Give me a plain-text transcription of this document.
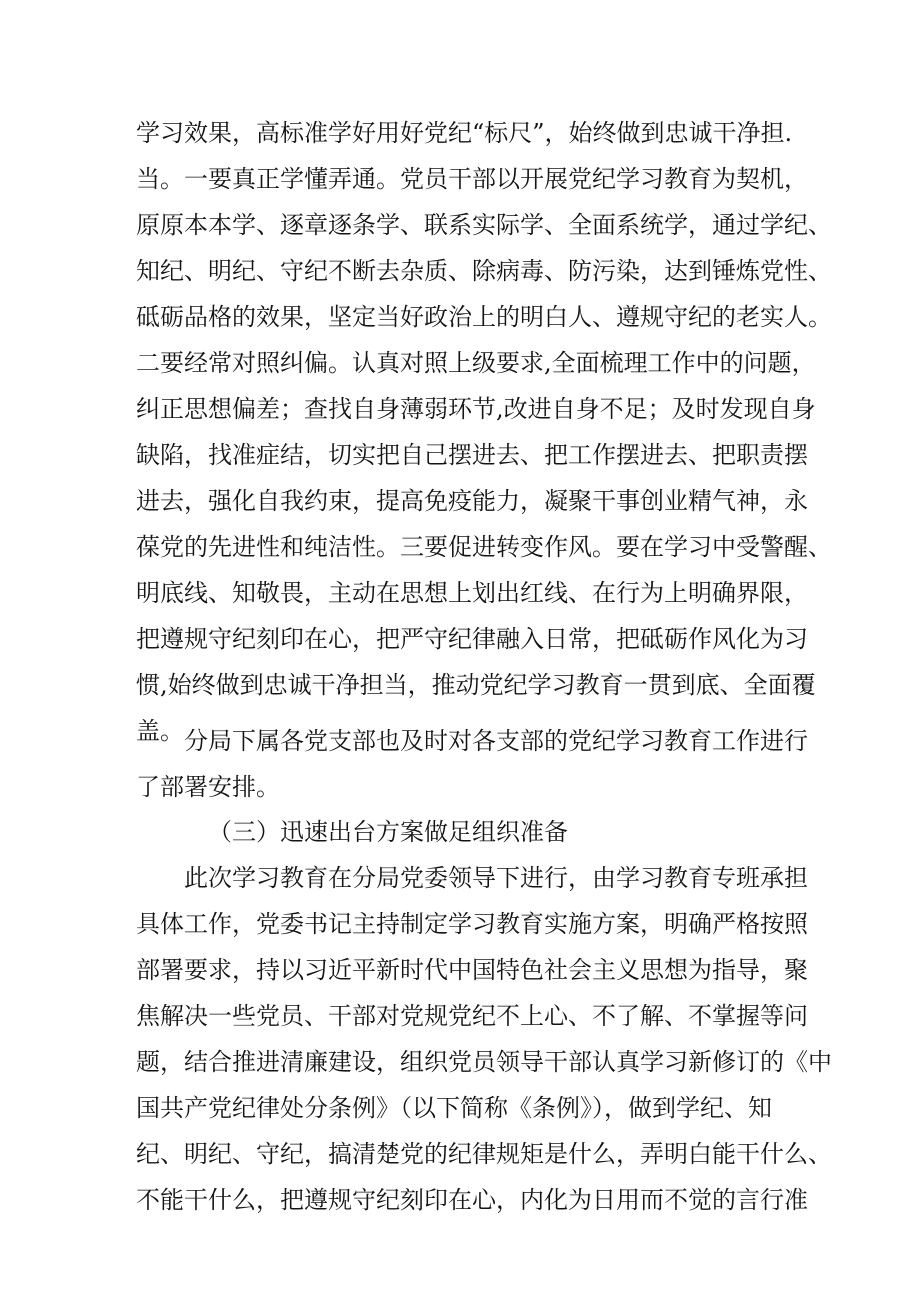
学习效果，高标准学好用好党纪“标尺”，始终做到忠诚干净担.
当。一要真正学懂弄通。党员干部以开展党纪学习教育为契机，
原原本本学、逐章逐条学、联系实际学、全面系统学，通过学纪、
知纪、明纪、守纪不断去杂质、除病毒、防污染，达到锤炼党性、
砥砺品格的效果，坚定当好政治上的明白人、遵规守纪的老实人。
二要经常对照纠偏。认真对照上级要求,全面梳理工作中的问题，
纠正思想偏差；查找自身薄弱环节,改进自身不足；及时发现自身
缺陷，找准症结，切实把自己摆进去、把工作摆进去、把职责摆
进去，强化自我约束，提高免疫能力，凝聚干事创业精气神，永
葆党的先进性和纯洁性。三要促进转变作风。要在学习中受警醒、
明底线、知敬畏，主动在思想上划出红线、在行为上明确界限，
把遵规守纪刻印在心，把严守纪律融入日常，把砥砺作风化为习
惯,始终做到忠诚干净担当，推动党纪学习教育一贯到底、全面覆
盖。 分局下属各党支部也及时对各支部的党纪学习教育工作进行
了部署安排。
（三）迅速出台方案做足组织准备
此次学习教育在分局党委领导下进行，由学习教育专班承担
具体工作，党委书记主持制定学习教育实施方案，明确严格按照
部署要求，持以习近平新时代中国特色社会主义思想为指导，聚
焦解决一些党员、干部对党规党纪不上心、不了解、不掌握等问
题，结合推进清廉建设，组织党员领导干部认真学习新修订的《中
国共产党纪律处分条例》（以下简称《条例》），做到学纪、知
纪、明纪、守纪，搞清楚党的纪律规矩是什么，弄明白能干什么、
不能干什么，把遵规守纪刻印在心，内化为日用而不觉的言行准
